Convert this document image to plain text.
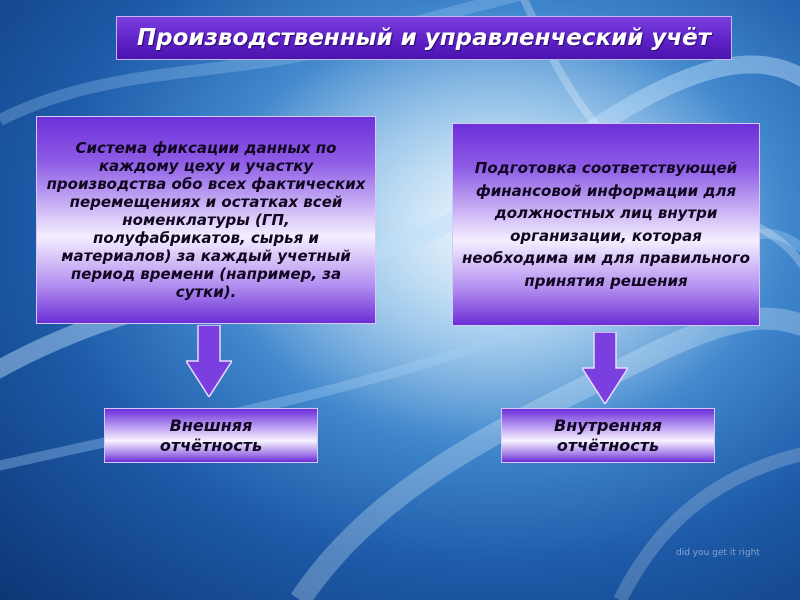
Производственный и управленческий учёт
Система фиксации данных по каждому цеху и участку производства обо всех фактических перемещениях и остатках всей номенклатуры (ГП, полуфабрикатов, сырья и материалов) за каждый учетный период времени (например, за сутки).
Подготовка соответствующей финансовой информации для должностных лиц внутри организации, которая необходима им для правильного принятия решения
Внешняя отчётность
Внутренняя отчётность
did you get it right
